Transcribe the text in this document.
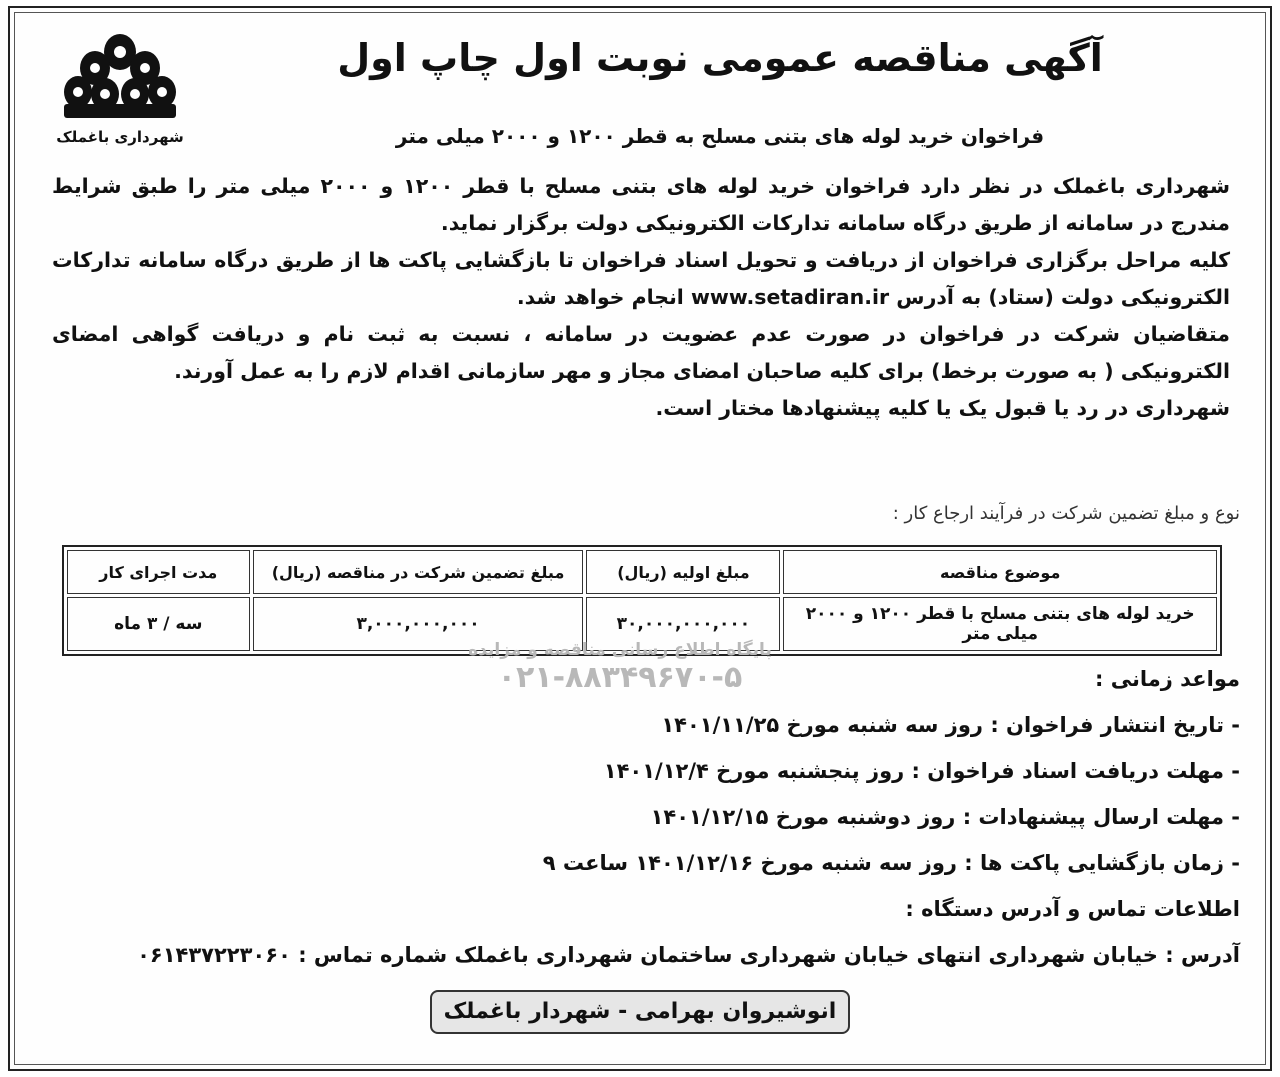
شهرداری باغملک
آگهی مناقصه عمومی نوبت اول چاپ اول
فراخوان خرید لوله های بتنی مسلح به قطر ۱۲۰۰ و ۲۰۰۰ میلی متر

شهرداری باغملک در نظر دارد فراخوان خرید لوله های بتنی مسلح با قطر ۱۲۰۰ و ۲۰۰۰ میلی متر را طبق شرایط مندرج در سامانه از طریق درگاه سامانه تدارکات الکترونیکی دولت برگزار نماید.

کلیه مراحل برگزاری فراخوان از دریافت و تحویل اسناد فراخوان تا بازگشایی پاکت ها از طریق درگاه سامانه تدارکات الکترونیکی دولت (ستاد) به آدرس www.setadiran.ir انجام خواهد شد.

متقاضیان شرکت در فراخوان در صورت عدم عضویت در سامانه ، نسبت به ثبت نام و دریافت گواهی امضای الکترونیکی ( به صورت برخط) برای کلیه صاحبان امضای مجاز و مهر سازمانی اقدام لازم را به عمل آورند.

شهرداری در رد یا قبول یک یا کلیه پیشنهادها مختار است.

نوع و مبلغ تضمین شرکت در فرآیند ارجاع کار :
موضوع مناقصه	مبلغ اولیه (ریال)	مبلغ تضمین شرکت در مناقصه (ریال)	مدت اجرای کار
خرید لوله های بتنی مسلح با قطر ۱۲۰۰ و ۲۰۰۰ میلی متر	۳۰,۰۰۰,۰۰۰,۰۰۰	۳,۰۰۰,۰۰۰,۰۰۰	سه / ۳ ماه
پایگاه اطلاع رسانی مناقصه و مزایده
۰۲۱-۸۸۳۴۹۶۷۰-۵	مواعد زمانی :
- تاریخ انتشار فراخوان : روز سه شنبه مورخ ۱۴۰۱/۱۱/۲۵
- مهلت دریافت اسناد فراخوان : روز پنجشنبه مورخ ۱۴۰۱/۱۲/۴
- مهلت ارسال پیشنهادات : روز دوشنبه مورخ ۱۴۰۱/۱۲/۱۵
- زمان بازگشایی پاکت ها : روز سه شنبه مورخ ۱۴۰۱/۱۲/۱۶ ساعت ۹
اطلاعات تماس و آدرس دستگاه :
آدرس : خیابان شهرداری انتهای خیابان شهرداری ساختمان شهرداری باغملک شماره تماس : ۰۶۱۴۳۷۲۲۳۰۶۰
انوشیروان بهرامی - شهردار باغملک
